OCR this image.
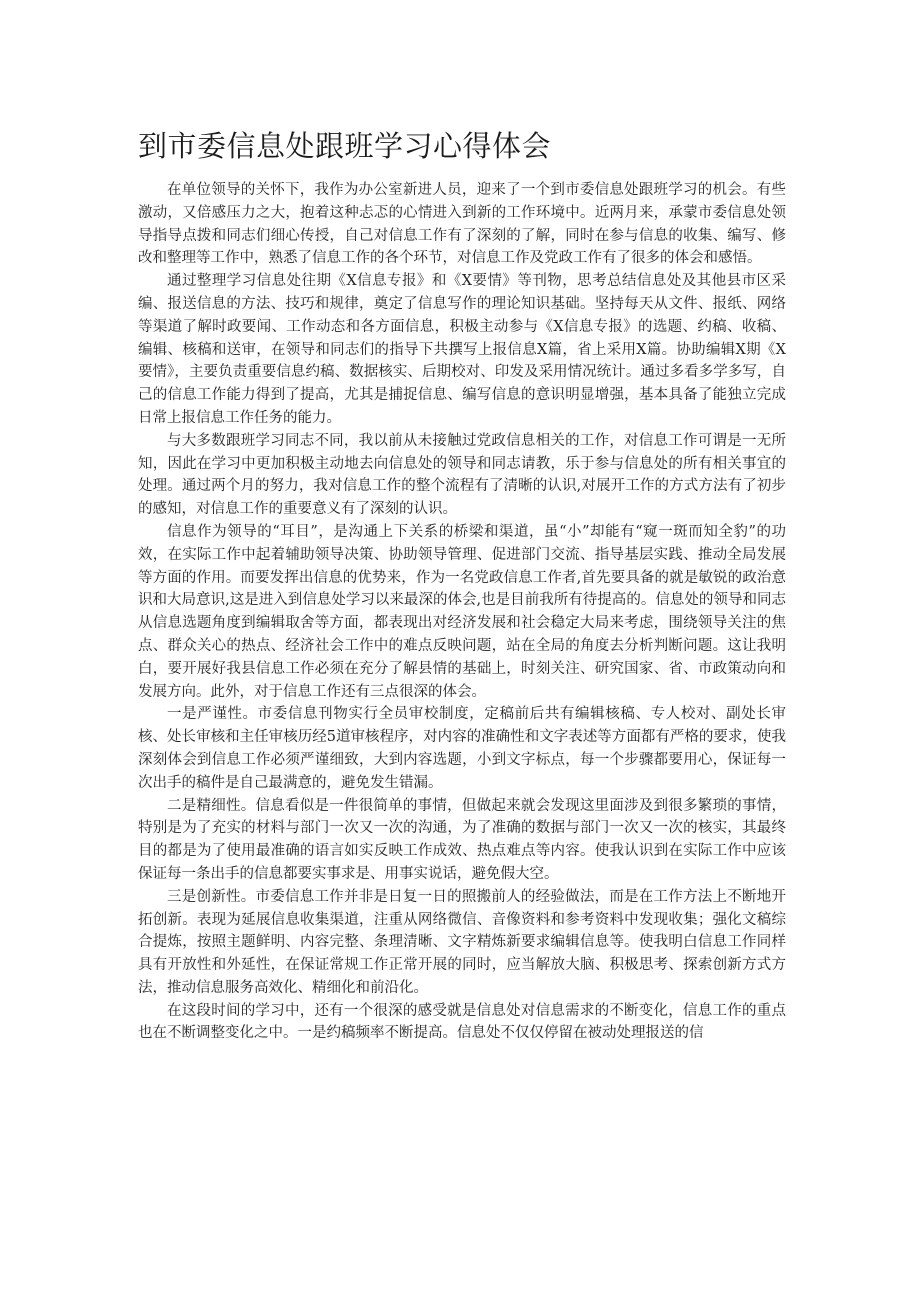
到市委信息处跟班学习心得体会

在单位领导的关怀下，我作为办公室新进人员，迎来了一个到市委信息处跟班学习的机会。有些激动，又倍感压力之大，抱着这种忐忑的心情进入到新的工作环境中。近两月来，承蒙市委信息处领导指导点拨和同志们细心传授，自己对信息工作有了深刻的了解，同时在参与信息的收集、编写、修改和整理等工作中，熟悉了信息工作的各个环节，对信息工作及党政工作有了很多的体会和感悟。

通过整理学习信息处往期《X信息专报》和《X要情》等刊物，思考总结信息处及其他县市区采编、报送信息的方法、技巧和规律，奠定了信息写作的理论知识基础。坚持每天从文件、报纸、网络等渠道了解时政要闻、工作动态和各方面信息，积极主动参与《X信息专报》的选题、约稿、收稿、编辑、核稿和送审，在领导和同志们的指导下共撰写上报信息X篇，省上采用X篇。协助编辑X期《X要情》，主要负责重要信息约稿、数据核实、后期校对、印发及采用情况统计。通过多看多学多写，自己的信息工作能力得到了提高，尤其是捕捉信息、编写信息的意识明显增强，基本具备了能独立完成日常上报信息工作任务的能力。

与大多数跟班学习同志不同，我以前从未接触过党政信息相关的工作，对信息工作可谓是一无所知，因此在学习中更加积极主动地去向信息处的领导和同志请教，乐于参与信息处的所有相关事宜的处理。通过两个月的努力，我对信息工作的整个流程有了清晰的认识,对展开工作的方式方法有了初步的感知，对信息工作的重要意义有了深刻的认识。

信息作为领导的“耳目”，是沟通上下关系的桥梁和渠道，虽“小”却能有“窥一斑而知全豹”的功效，在实际工作中起着辅助领导决策、协助领导管理、促进部门交流、指导基层实践、推动全局发展等方面的作用。而要发挥出信息的优势来，作为一名党政信息工作者,首先要具备的就是敏锐的政治意识和大局意识,这是进入到信息处学习以来最深的体会,也是目前我所有待提高的。信息处的领导和同志从信息选题角度到编辑取舍等方面，都表现出对经济发展和社会稳定大局来考虑，围绕领导关注的焦点、群众关心的热点、经济社会工作中的难点反映问题，站在全局的角度去分析判断问题。这让我明白，要开展好我县信息工作必须在充分了解县情的基础上，时刻关注、研究国家、省、市政策动向和发展方向。此外，对于信息工作还有三点很深的体会。

一是严谨性。市委信息刊物实行全员审校制度，定稿前后共有编辑核稿、专人校对、副处长审核、处长审核和主任审核历经5道审核程序，对内容的准确性和文字表述等方面都有严格的要求，使我深刻体会到信息工作必须严谨细致，大到内容选题，小到文字标点，每一个步骤都要用心，保证每一次出手的稿件是自己最满意的，避免发生错漏。

二是精细性。信息看似是一件很简单的事情，但做起来就会发现这里面涉及到很多繁琐的事情，特别是为了充实的材料与部门一次又一次的沟通，为了准确的数据与部门一次又一次的核实，其最终目的都是为了使用最准确的语言如实反映工作成效、热点难点等内容。使我认识到在实际工作中应该保证每一条出手的信息都要实事求是、用事实说话，避免假大空。

三是创新性。市委信息工作并非是日复一日的照搬前人的经验做法，而是在工作方法上不断地开拓创新。表现为延展信息收集渠道，注重从网络微信、音像资料和参考资料中发现收集；强化文稿综合提炼，按照主题鲜明、内容完整、条理清晰、文字精炼新要求编辑信息等。使我明白信息工作同样具有开放性和外延性，在保证常规工作正常开展的同时，应当解放大脑、积极思考、探索创新方式方法，推动信息服务高效化、精细化和前沿化。

在这段时间的学习中，还有一个很深的感受就是信息处对信息需求的不断变化，信息工作的重点也在不断调整变化之中。一是约稿频率不断提高。信息处不仅仅停留在被动处理报送的信
